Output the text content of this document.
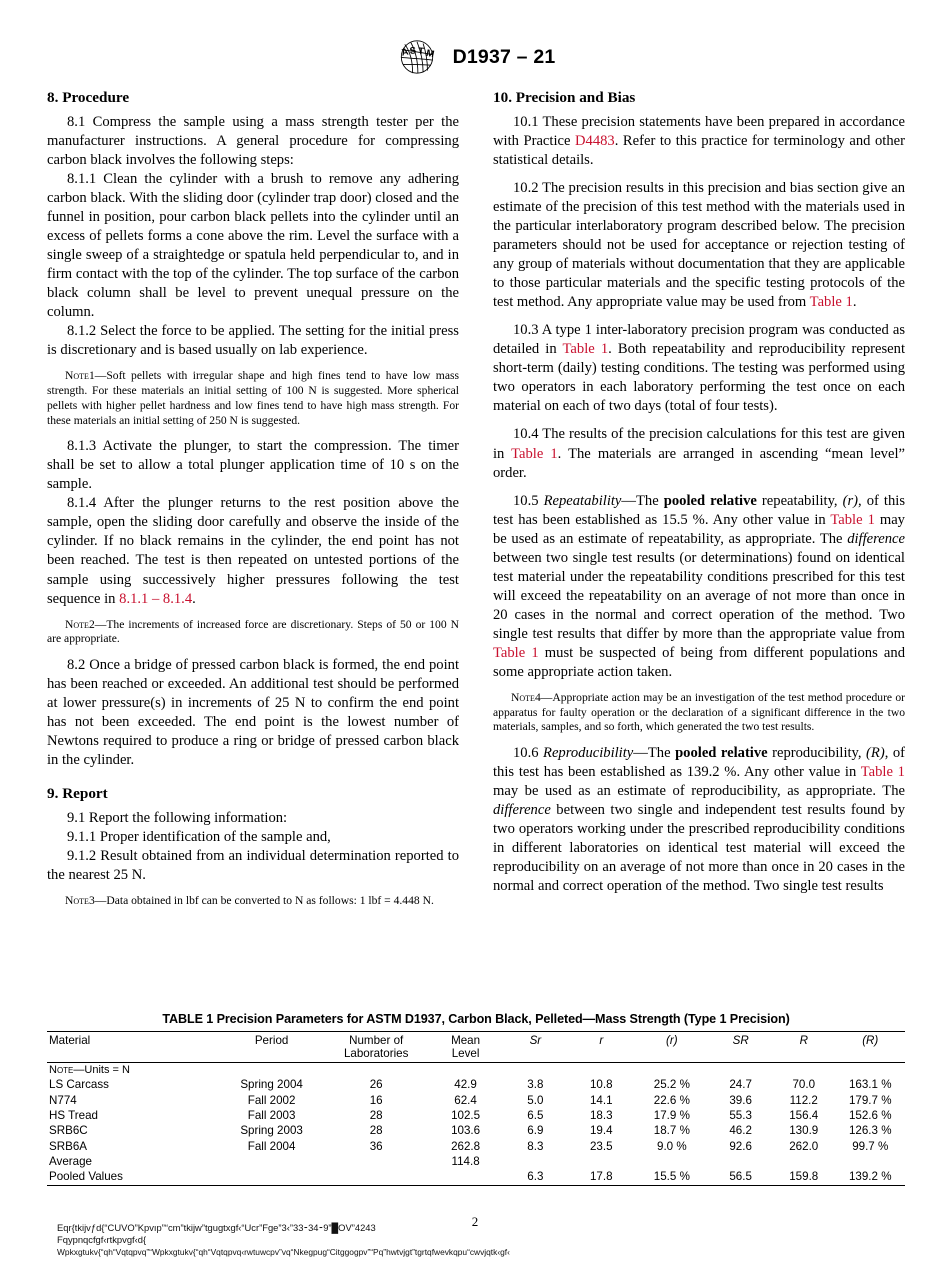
A S T M D1937 – 21
8. Procedure

8.1 Compress the sample using a mass strength tester per the manufacturer instructions. A general procedure for compressing carbon black involves the following steps:

8.1.1 Clean the cylinder with a brush to remove any adhering carbon black. With the sliding door (cylinder trap door) closed and the funnel in position, pour carbon black pellets into the cylinder until an excess of pellets forms a cone above the rim. Level the surface with a single sweep of a straightedge or spatula held perpendicular to, and in firm contact with the top of the cylinder. The top surface of the carbon black column shall be level to prevent unequal pressure on the column.

8.1.2 Select the force to be applied. The setting for the initial press is discretionary and is based usually on lab experience.

Note1—Soft pellets with irregular shape and high fines tend to have low mass strength. For these materials an initial setting of 100 N is suggested. More spherical pellets with higher pellet hardness and low fines tend to have high mass strength. For these materials an initial setting of 250 N is suggested.

8.1.3 Activate the plunger, to start the compression. The timer shall be set to allow a total plunger application time of 10 s on the sample.

8.1.4 After the plunger returns to the rest position above the sample, open the sliding door carefully and observe the inside of the cylinder. If no black remains in the cylinder, the end point has not been reached. The test is then repeated on untested portions of the sample using successively higher pressures following the test sequence in 8.1.1 – 8.1.4.

Note2—The increments of increased force are discretionary. Steps of 50 or 100 N are appropriate.

8.2 Once a bridge of pressed carbon black is formed, the end point has been reached or exceeded. An additional test should be performed at lower pressure(s) in increments of 25 N to confirm the end point has not been exceeded. The end point is the lowest number of Newtons required to produce a ring or bridge of pressed carbon black in the cylinder.

9. Report

9.1 Report the following information:

9.1.1 Proper identification of the sample and,

9.1.2 Result obtained from an individual determination reported to the nearest 25 N.

Note3—Data obtained in lbf can be converted to N as follows: 1 lbf = 4.448 N.

10. Precision and Bias

10.1 These precision statements have been prepared in accordance with Practice D4483. Refer to this practice for terminology and other statistical details.

10.2 The precision results in this precision and bias section give an estimate of the precision of this test method with the materials used in the particular interlaboratory program described below. The precision parameters should not be used for acceptance or rejection testing of any group of materials without documentation that they are applicable to those particular materials and the specific testing protocols of the test method. Any appropriate value may be used from Table 1.

10.3 A type 1 inter-laboratory precision program was conducted as detailed in Table 1. Both repeatability and reproducibility represent short-term (daily) testing conditions. The testing was performed using two operators in each laboratory performing the test once on each material on each of two days (total of four tests).

10.4 The results of the precision calculations for this test are given in Table 1. The materials are arranged in ascending “mean level” order.

10.5 Repeatability—The pooled relative repeatability, (r), of this test has been established as 15.5 %. Any other value in Table 1 may be used as an estimate of repeatability, as appropriate. The difference between two single test results (or determinations) found on identical test material under the repeatability conditions prescribed for this test will exceed the repeatability on an average of not more than once in 20 cases in the normal and correct operation of the method. Two single test results that differ by more than the appropriate value from Table 1 must be suspected of being from different populations and some appropriate action taken.

Note4—Appropriate action may be an investigation of the test method procedure or apparatus for faulty operation or the declaration of a significant difference in the two materials, samples, and so forth, which generated the two test results.

10.6 Reproducibility—The pooled relative reproducibility, (R), of this test has been established as 139.2 %. Any other value in Table 1 may be used as an estimate of reproducibility, as appropriate. The difference between two single and independent test results found by two operators working under the prescribed reproducibility conditions in different laboratories on identical test material will exceed the reproducibility on an average of not more than once in 20 cases in the normal and correct operation of the method. Two single test results

TABLE 1 Precision Parameters for ASTM D1937, Carbon Black, Pelleted—Mass Strength (Type 1 Precision)
Note—Units = N									
Material	Period	Number of
Laboratories	Mean
Level	Sr	r	(r)	SR	R	(R)

LS Carcass	Spring 2004	26	42.9	3.8	10.8	25.2 %	24.7	70.0	163.1 %
N774	Fall 2002	16	62.4	5.0	14.1	22.6 %	39.6	112.2	179.7 %
HS Tread	Fall 2003	28	102.5	6.5	18.3	17.9 %	55.3	156.4	152.6 %
SRB6C	Spring 2003	28	103.6	6.9	19.4	18.7 %	46.2	130.9	126.3 %
SRB6A	Fall 2004	36	262.8	8.3	23.5	9.0 %	92.6	262.0	99.7 %
Average			114.8						
Pooled Values				6.3	17.8	15.5 %	56.5	159.8	139.2 %
2
Eqr{tkijvƒd{“CUVO”Kpvıp”“cm”tkijw”tgugtxgf‹“Ucr”Fge”3‹”33⁃34⁃9”█OV”4243
Fqypnqcfgf‹rtkpvgf‹d{
Wpkxgtukv{“qh“Vqtqpvq”“Wpkxgtukv{“qh“Vqtqpvq‹rwtuwcpv”vq“Nkegpug“Citggogpv”“Pq”hwtvjgt”tgrtqfwevkqpu“cwvjqtk‹gf‹
